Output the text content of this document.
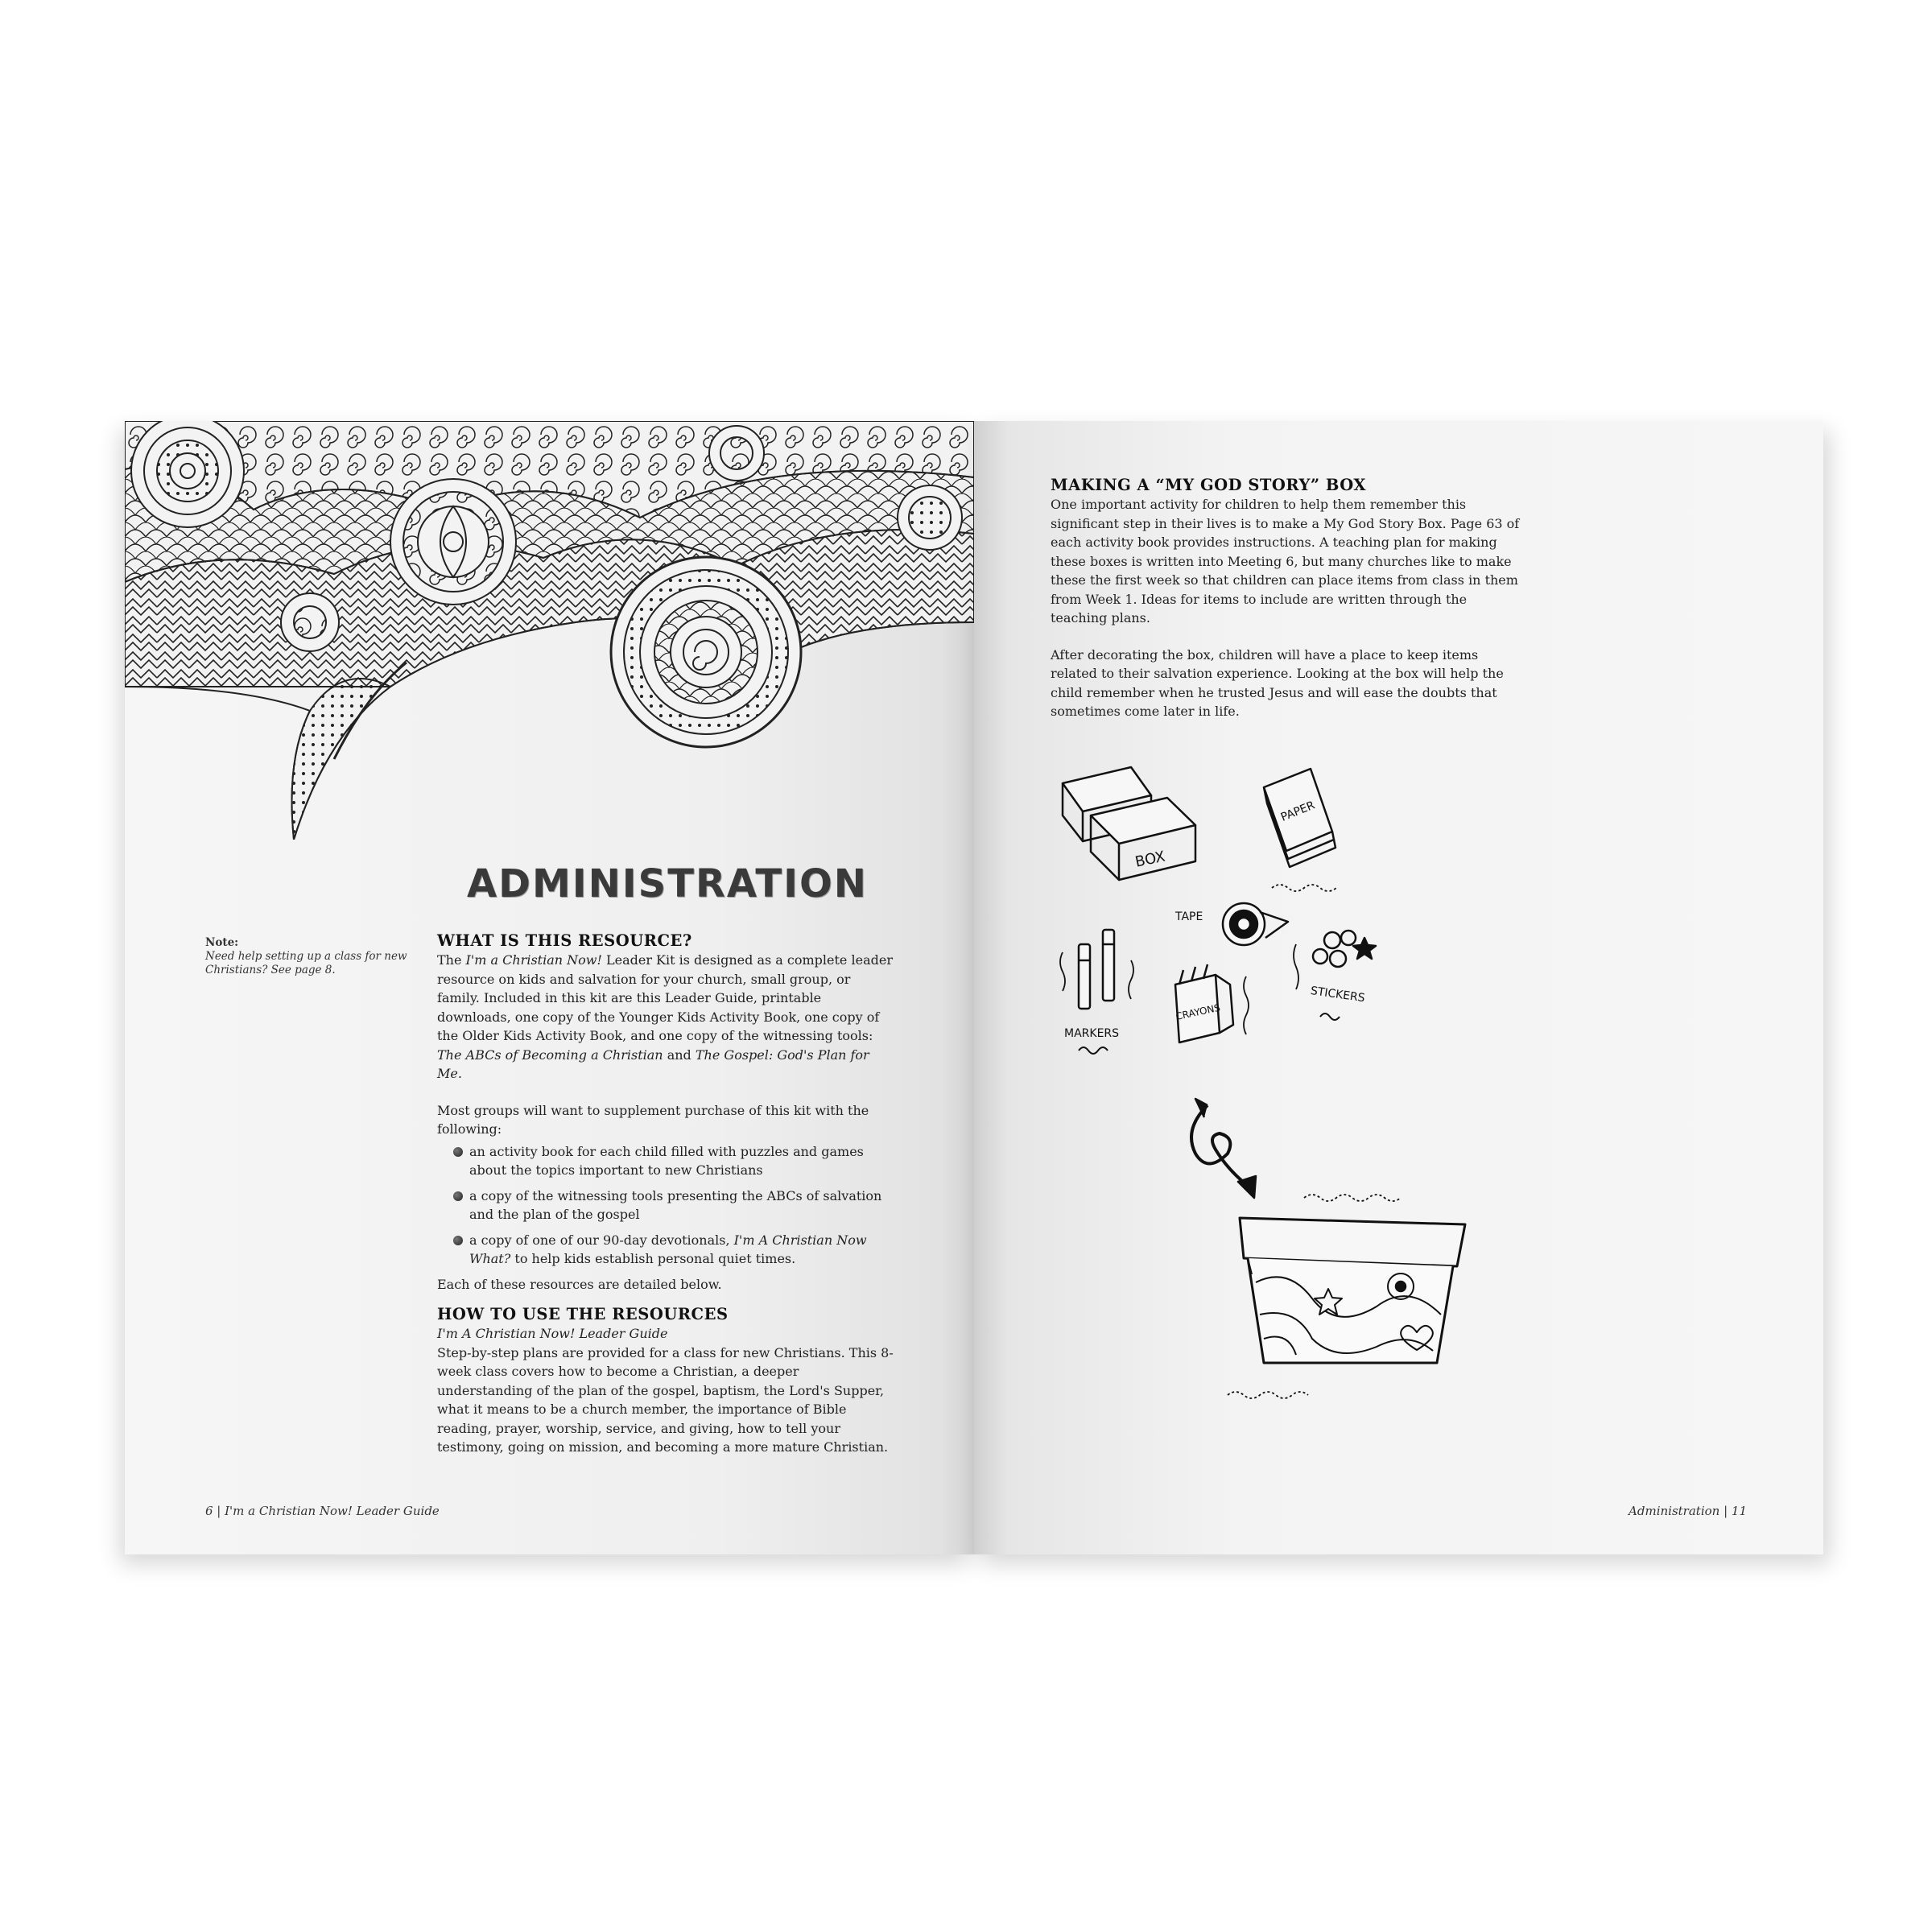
ADMINISTRATION
Note:
Need help setting up a class for new Christians? See page 8.
WHAT IS THIS RESOURCE?

The I'm a Christian Now! Leader Kit is designed as a complete leader resource on kids and salvation for your church, small group, or family. Included in this kit are this Leader Guide, printable downloads, one copy of the Younger Kids Activity Book, one copy of the Older Kids Activity Book, and one copy of the witnessing tools: The ABCs of Becoming a Christian and The Gospel: God's Plan for Me.

Most groups will want to supplement purchase of this kit with the following:

an activity book for each child filled with puzzles and games about the topics important to new Christians
a copy of the witnessing tools presenting the ABCs of salvation and the plan of the gospel
a copy of one of our 90-day devotionals, I'm A Christian Now What? to help kids establish personal quiet times.

Each of these resources are detailed below.

HOW TO USE THE RESOURCES

I'm A Christian Now! Leader Guide

Step-by-step plans are provided for a class for new Christians. This 8-week class covers how to become a Christian, a deeper understanding of the plan of the gospel, baptism, the Lord's Supper, what it means to be a church member, the importance of Bible reading, prayer, worship, service, and giving, how to tell your testimony, going on mission, and becoming a more mature Christian.

6 | I'm a Christian Now! Leader Guide
MAKING A “MY GOD STORY” BOX

One important activity for children to help them remember this significant step in their lives is to make a My God Story Box. Page 63 of each activity book provides instructions. A teaching plan for making these boxes is written into Meeting 6, but many churches like to make these the first week so that children can place items from class in them from Week 1. Ideas for items to include are written through the teaching plans.

After decorating the box, children will have a place to keep items related to their salvation experience. Looking at the box will help the child remember when he trusted Jesus and will ease the doubts that sometimes come later in life.

BOX
PAPER
TAPE
MARKERS
CRAYONS
STICKERS
Administration | 11
